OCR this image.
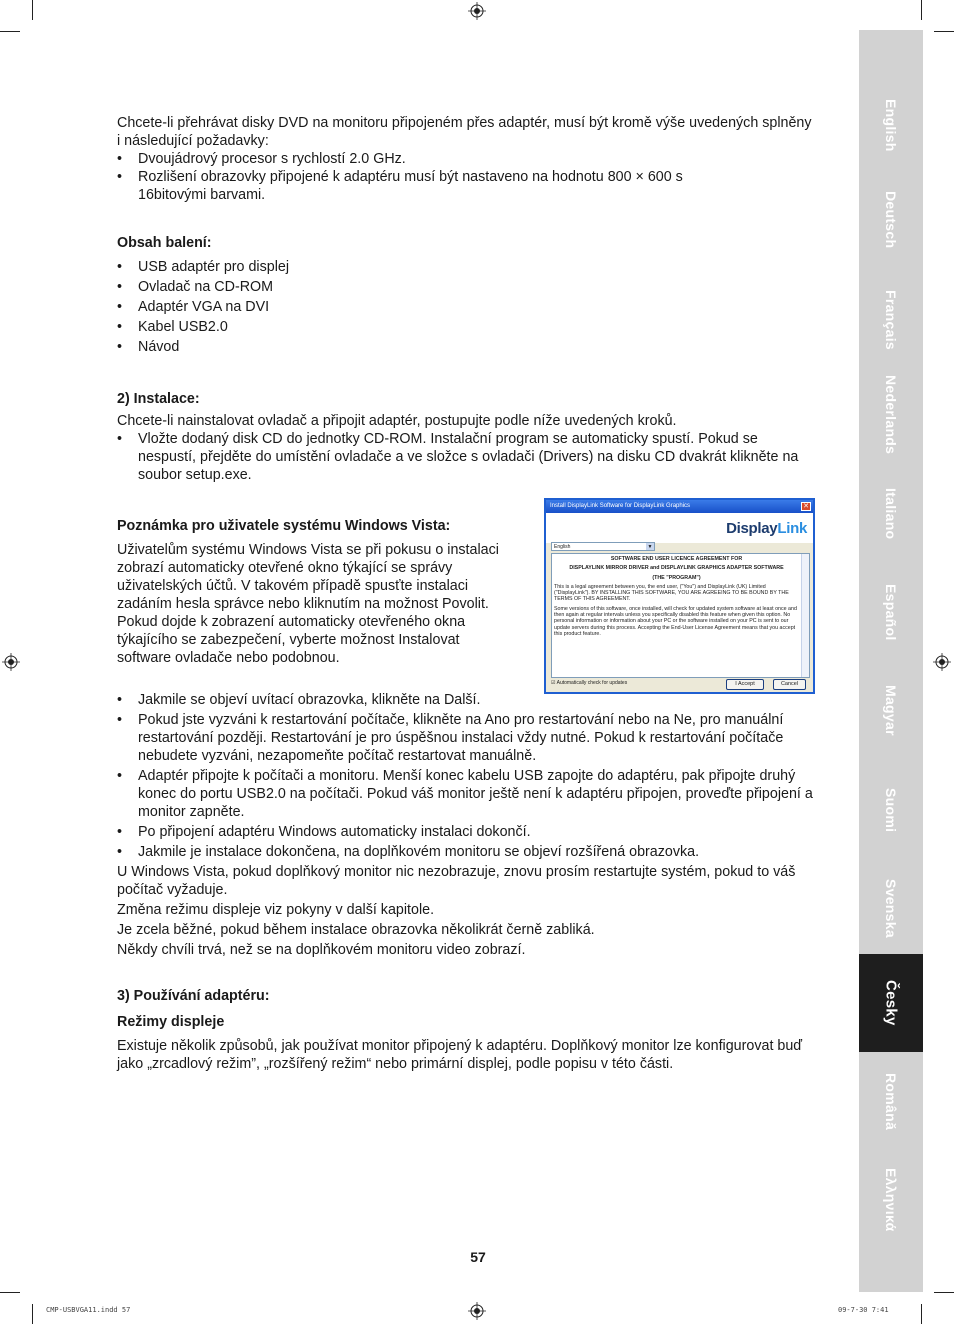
English
Deutsch
Français
Nederlands
Italiano
Español
Magyar
Suomi
Svenska
Česky
Română
Ελληνικά

Chcete-li přehrávat disky DVD na monitoru připojeném přes adaptér, musí být kromě výše uvedených splněny i následující požadavky:

• Dvoujádrový procesor s rychlostí 2.0 GHz.
• Rozlišení obrazovky připojené k adaptéru musí být nastaveno na hodnotu 800 × 600 s 16bitovými barvami.

Obsah balení:

• USB adaptér pro displej
• Ovladač na CD-ROM
• Adaptér VGA na DVI
• Kabel USB2.0
• Návod

2) Instalace:

Chcete-li nainstalovat ovladač a připojit adaptér, postupujte podle níže uvedených kroků.

• Vložte dodaný disk CD do jednotky CD-ROM. Instalační program se automaticky spustí. Pokud se nespustí, přejděte do umístění ovladače a ve složce s ovladači (Drivers) na disku CD dvakrát klikněte na soubor setup.exe.

Poznámka pro uživatele systému Windows Vista:

Uživatelům systému Windows Vista se při pokusu o instalaci
zobrazí automaticky otevřené okno týkající se správy
uživatelských účtů. V takovém případě spusťte instalaci
zadáním hesla správce nebo kliknutím na možnost Povolit.
Pokud dojde k zobrazení automaticky otevřeného okna
týkajícího se zabezpečení, vyberte možnost Instalovat
software ovladače nebo podobnou.
• Jakmile se objeví uvítací obrazovka, klikněte na Další.
• Pokud jste vyzváni k restartování počítače, klikněte na Ano pro restartování nebo na Ne, pro manuální restartování později. Restartování je pro úspěšnou instalaci vždy nutné. Pokud k restartování počítače nebudete vyzváni, nezapomeňte počítač restartovat manuálně.
• Adaptér připojte k počítači a monitoru. Menší konec kabelu USB zapojte do adaptéru, pak připojte druhý konec do portu USB2.0 na počítači. Pokud váš monitor ještě není k adaptéru připojen, proveďte připojení a monitor zapněte.
• Po připojení adaptéru Windows automaticky instalaci dokončí.
• Jakmile je instalace dokončena, na doplňkovém monitoru se objeví rozšířená obrazovka.

U Windows Vista, pokud doplňkový monitor nic nezobrazuje, znovu prosím restartujte systém, pokud to váš počítač vyžaduje.

Změna režimu displeje viz pokyny v další kapitole.

Je zcela běžné, pokud během instalace obrazovka několikrát černě zabliká.

Někdy chvíli trvá, než se na doplňkovém monitoru video zobrazí.

3) Používání adaptéru:

Režimy displeje

Existuje několik způsobů, jak používat monitor připojený k adaptéru. Doplňkový monitor lze konfigurovat buď jako „zrcadlový režim”, „rozšířený režim“ nebo primární displej, podle popisu v této části.

Install DisplayLink Software for DisplayLink Graphics	✕
DisplayLink
English	▼

SOFTWARE END USER LICENCE AGREEMENT FOR

DISPLAYLINK MIRROR DRIVER and DISPLAYLINK GRAPHICS ADAPTER SOFTWARE

(THE "PROGRAM")

This is a legal agreement between you, the end user, ("You") and DisplayLink (UK) Limited ("DisplayLink"). BY INSTALLING THIS SOFTWARE, YOU ARE AGREEING TO BE BOUND BY THE TERMS OF THIS AGREEMENT.

Some versions of this software, once installed, will check for updated system software at least once and then again at regular intervals unless you specifically disabled this feature when given this option. No personal information or information about your PC or the software installed on your PC is sent to our update servers during this process. Accepting the End-User License Agreement means that you accept this product feature.

☑ Automatically check for updates	I Accept	Cancel
57
CMP-USBVGA11.indd 57	09-7-30 7:41
